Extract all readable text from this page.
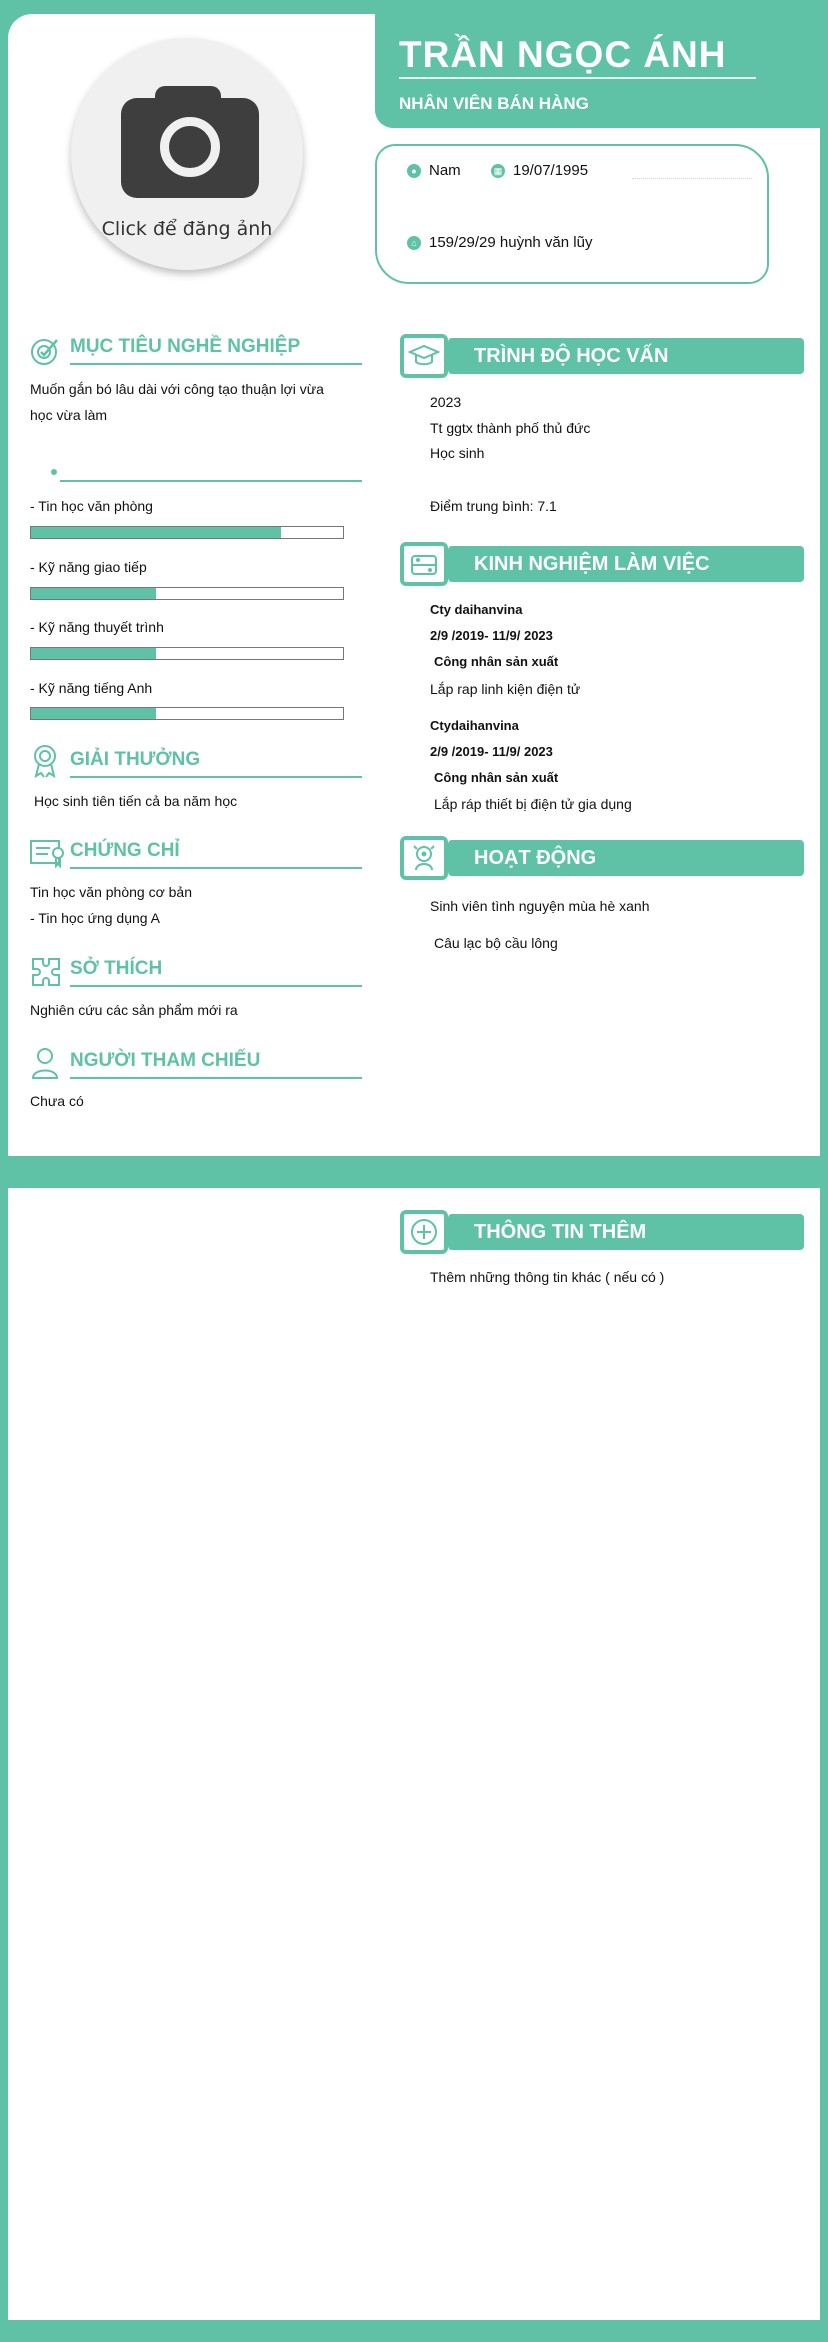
Click để đăng ảnh
TRẦN NGỌC ÁNH
NHÂN VIÊN BÁN HÀNG
● Nam	▦ 19/07/1995
⌂ 159/29/29 huỳnh văn lũy
MỤC TIÊU NGHỀ NGHIỆP
Muốn gắn bó lâu dài với công tạo thuận lợi vừa
học vừa làm
- Tin học văn phòng
- Kỹ năng giao tiếp
- Kỹ năng thuyết trình
- Kỹ năng tiếng Anh
GIẢI THƯỞNG
Học sinh tiên tiến cả ba năm học
CHỨNG CHỈ
Tin học văn phòng cơ bản
- Tin học ứng dụng A
SỞ THÍCH
Nghiên cứu các sản phẩm mới ra
NGƯỜI THAM CHIẾU
Chưa có
TRÌNH ĐỘ HỌC VẤN
2023
Tt ggtx thành phố thủ đức
Học sinh
Điểm trung bình: 7.1
KINH NGHIỆM LÀM VIỆC
Cty daihanvina
2/9 /2019- 11/9/ 2023
Công nhân sản xuất
Lắp rap linh kiện điện tử
Ctydaihanvina
2/9 /2019- 11/9/ 2023
Công nhân sản xuất
Lắp ráp thiết bị điện tử gia dụng
HOẠT ĐỘNG
Sinh viên tình nguyện mùa hè xanh
Câu lạc bộ cầu lông
THÔNG TIN THÊM
Thêm những thông tin khác ( nếu có )
